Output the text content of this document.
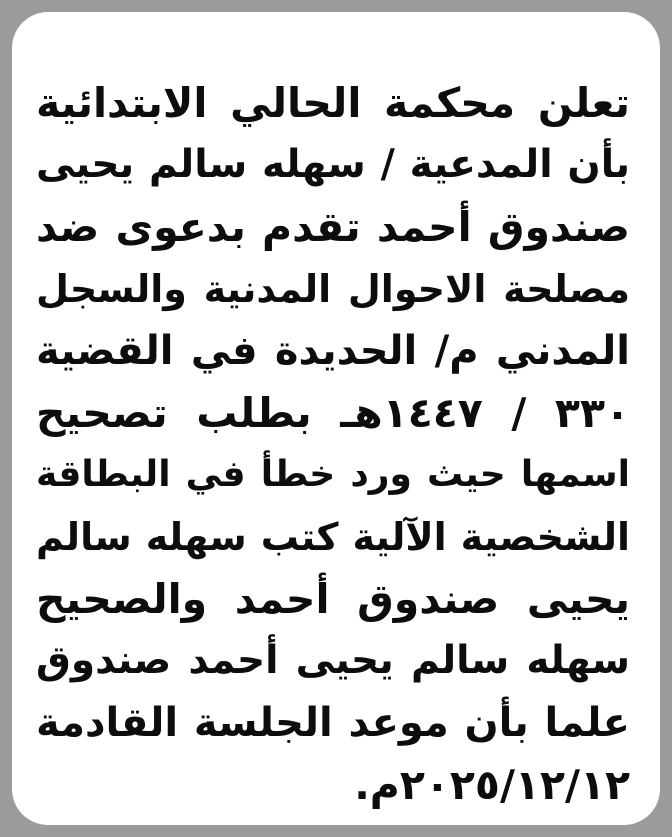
تعلن محكمة الحالي الابتدائية
بأن المدعية / سهله سالم يحيى
صندوق أحمد تقدم بدعوى ضد
مصلحة الاحوال المدنية والسجل
المدني م/ الحديدة في القضية
٣٣٠ / ١٤٤٧هـ بطلب تصحيح
اسمها حيث ورد خطأ في البطاقة
الشخصية الآلية كتب سهله سالم
يحيى صندوق أحمد والصحيح
سهله سالم يحيى أحمد صندوق
علما بأن موعد الجلسة القادمة
٢٠٢٥/١٢/١٢م.
